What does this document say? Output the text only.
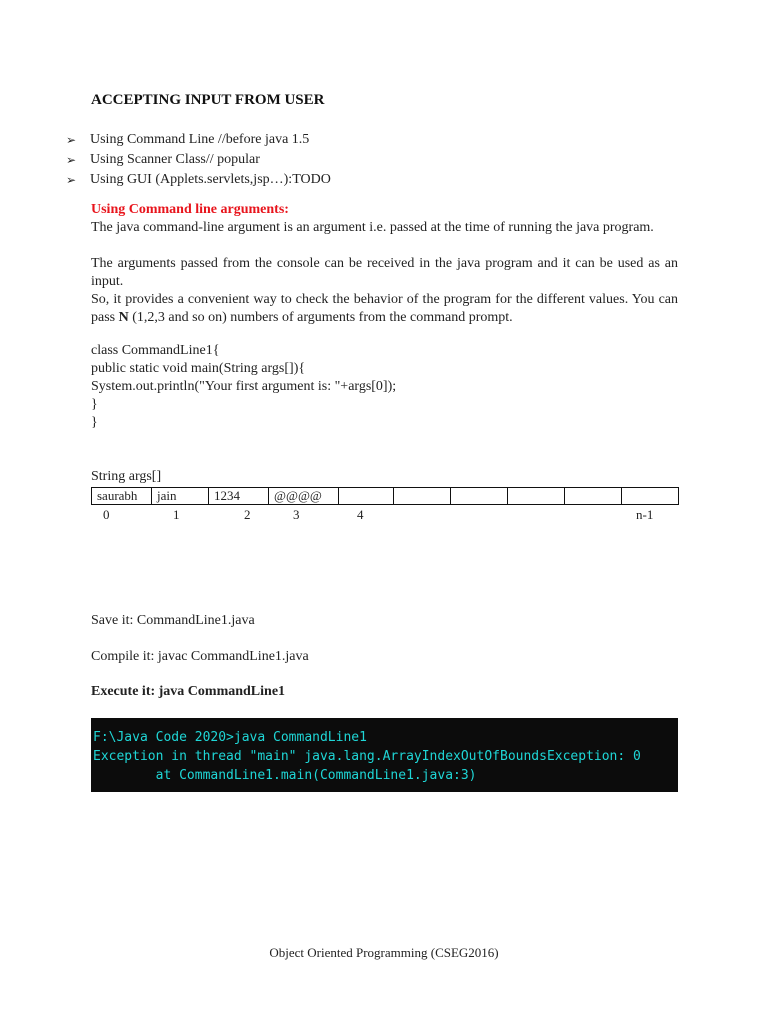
ACCEPTING INPUT FROM USER
➢ Using Command Line //before java 1.5
➢ Using Scanner Class// popular
➢ Using GUI (Applets.servlets,jsp…):TODO
Using Command line arguments:
The java command-line argument is an argument i.e. passed at the time of running the java program.
The arguments passed from the console can be received in the java program and it can be used as an input.
So, it provides a convenient way to check the behavior of the program for the different values. You can pass N (1,2,3 and so on) numbers of arguments from the command prompt.
class CommandLine1{
public static void main(String args[]){
System.out.println("Your first argument is: "+args[0]);
}
}
String args[]
saurabh	jain	1234	@@@@							
0	1	2	3	4	n-1
Save it: CommandLine1.java
Compile it: javac CommandLine1.java
Execute it: java CommandLine1
F:\Java Code 2020>java CommandLine1
Exception in thread "main" java.lang.ArrayIndexOutOfBoundsException: 0
at CommandLine1.main(CommandLine1.java:3)
Object Oriented Programming (CSEG2016)
